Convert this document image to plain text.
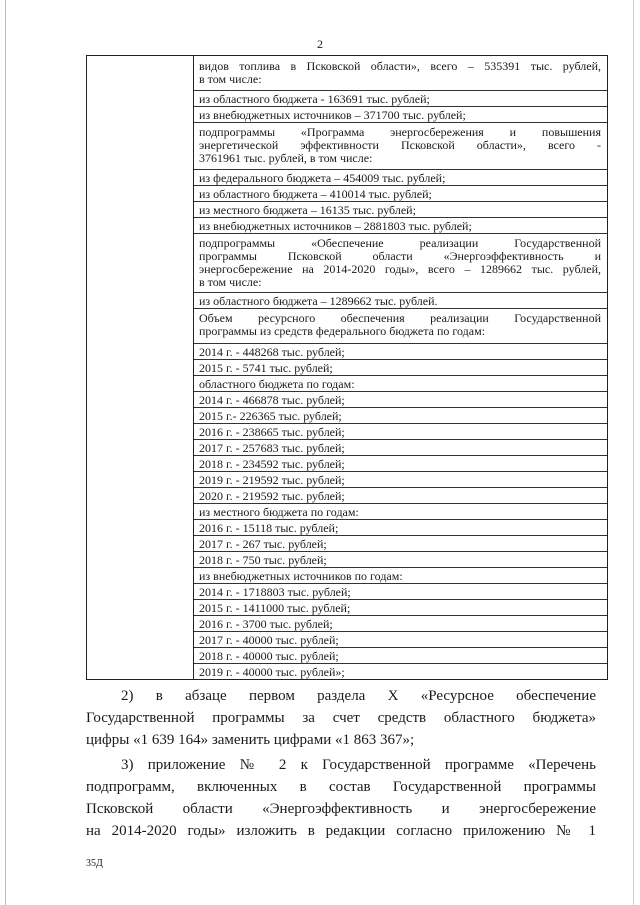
2
видов топлива в Псковской области», всего – 535391 тыс. рублей,
в том числе:
из областного бюджета - 163691 тыс. рублей;
из внебюджетных источников – 371700 тыс. рублей;
подпрограммы «Программа энергосбережения и повышения
энергетической эффективности Псковской области», всего -
3761961 тыс. рублей, в том числе:
из федерального бюджета – 454009 тыс. рублей;
из областного бюджета – 410014 тыс. рублей;
из местного бюджета – 16135 тыс. рублей;
из внебюджетных источников – 2881803 тыс. рублей;
подпрограммы «Обеспечение реализации Государственной
программы Псковской области «Энергоэффективность и
энергосбережение на 2014-2020 годы», всего – 1289662 тыс. рублей,
в том числе:
из областного бюджета – 1289662 тыс. рублей.
Объем ресурсного обеспечения реализации Государственной
программы из средств федерального бюджета по годам:
2014 г. - 448268 тыс. рублей;
2015 г. - 5741 тыс. рублей;
областного бюджета по годам:
2014 г. - 466878 тыс. рублей;
2015 г.- 226365 тыс. рублей;
2016 г. - 238665 тыс. рублей;
2017 г. - 257683 тыс. рублей;
2018 г. - 234592 тыс. рублей;
2019 г. - 219592 тыс. рублей;
2020 г. - 219592 тыс. рублей;
из местного бюджета по годам:
2016 г. - 15118 тыс. рублей;
2017 г. - 267 тыс. рублей;
2018 г. - 750 тыс. рублей;
из внебюджетных источников по годам:
2014 г. - 1718803 тыс. рублей;
2015 г. - 1411000 тыс. рублей;
2016 г. - 3700 тыс. рублей;
2017 г. - 40000 тыс. рублей;
2018 г. - 40000 тыс. рублей;
2019 г. - 40000 тыс. рублей»;
2) в абзаце первом раздела X «Ресурсное обеспечение
Государственной программы за счет средств областного бюджета»
цифры «1 639 164» заменить цифрами «1 863 367»;
3) приложение № 2 к Государственной программе «Перечень
подпрограмм, включенных в состав Государственной программы
Псковской области «Энергоэффективность и энергосбережение
на 2014-2020 годы» изложить в редакции согласно приложению № 1
35Д
